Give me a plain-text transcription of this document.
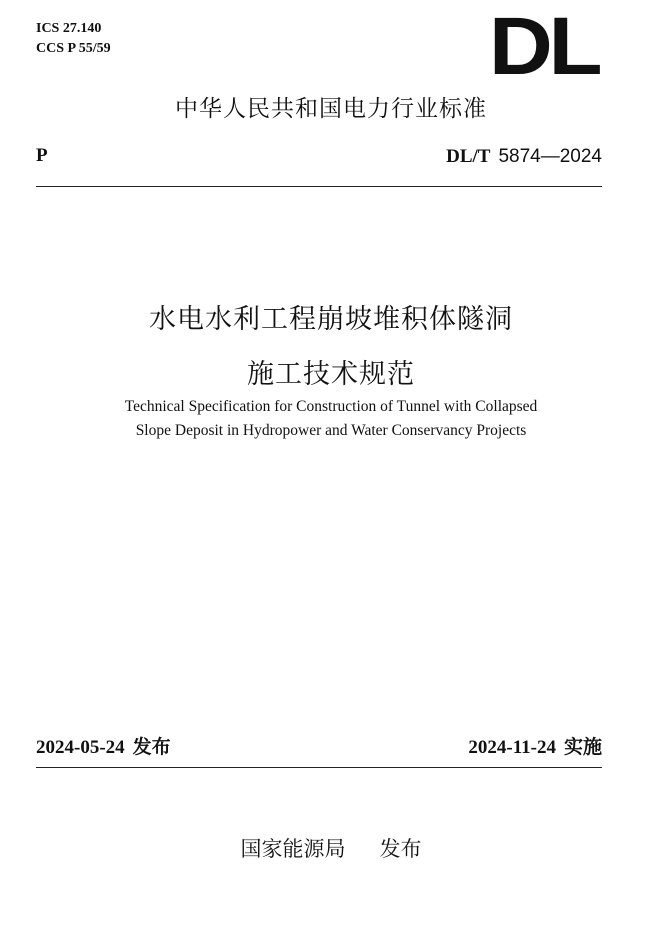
ICS 27.140
CCS P 55/59	DL
中华人民共和国电力行业标准
P	DL/T 5874—2024
水电水利工程崩坡堆积体隧洞
施工技术规范
Technical Specification for Construction of Tunnel with Collapsed
Slope Deposit in Hydropower and Water Conservancy Projects
2024-05-24 发布	2024-11-24 实施
国家能源局 发布
